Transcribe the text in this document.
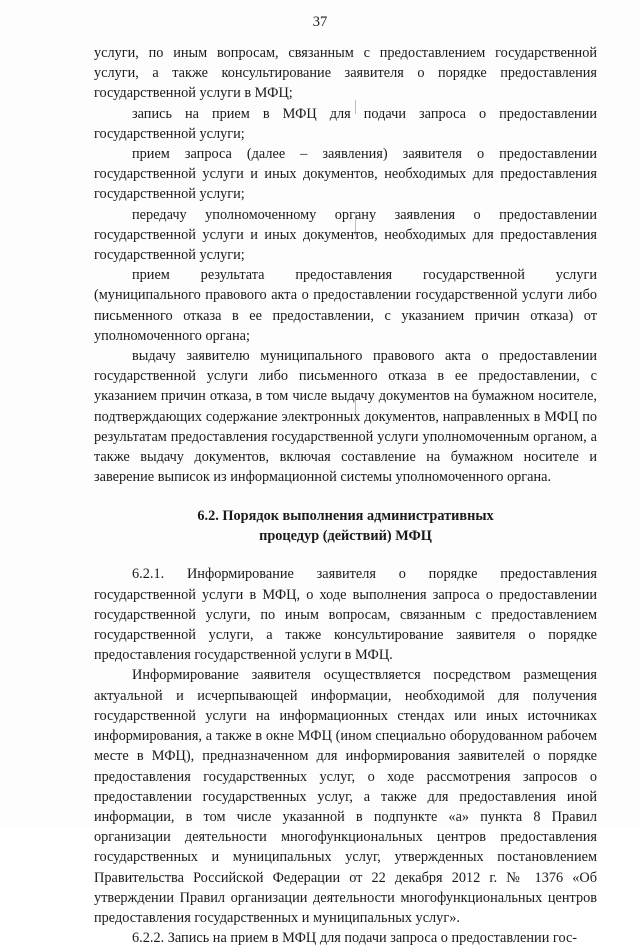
37

услуги, по иным вопросам, связанным с предоставлением государственной услуги, а также консультирование заявителя о порядке предоставления государственной услуги в МФЦ;

запись на прием в МФЦ для подачи запроса о предоставлении государственной услуги;

прием запроса (далее – заявления) заявителя о предоставлении государственной услуги и иных документов, необходимых для предоставления государственной услуги;

передачу уполномоченному органу заявления о предоставлении государственной услуги и иных документов, необходимых для предоставления государственной услуги;

прием результата предоставления государственной услуги (муниципального правового акта о предоставлении государственной услуги либо письменного отказа в ее предоставлении, с указанием причин отказа) от уполномоченного органа;

выдачу заявителю муниципального правового акта о предоставлении государственной услуги либо письменного отказа в ее предоставлении, с указанием причин отказа, в том числе выдачу документов на бумажном носителе, подтверждающих содержание электронных документов, направленных в МФЦ по результатам предоставления государственной услуги уполномоченным органом, а также выдачу документов, включая составление на бумажном носителе и заверение выписок из информационной системы уполномоченного органа.

6.2. Порядок выполнения административных
процедур (действий) МФЦ

6.2.1. Информирование заявителя о порядке предоставления государственной услуги в МФЦ, о ходе выполнения запроса о предоставлении государственной услуги, по иным вопросам, связанным с предоставлением государственной услуги, а также консультирование заявителя о порядке предоставления государственной услуги в МФЦ.

Информирование заявителя осуществляется посредством размещения актуальной и исчерпывающей информации, необходимой для получения государственной услуги на информационных стендах или иных источниках информирования, а также в окне МФЦ (ином специально оборудованном рабочем месте в МФЦ), предназначенном для информирования заявителей о порядке предоставления государственных услуг, о ходе рассмотрения запросов о предоставлении государственных услуг, а также для предоставления иной информации, в том числе указанной в подпункте «а» пункта 8 Правил организации деятельности многофункциональных центров предоставления государственных и муниципальных услуг, утвержденных постановлением Правительства Российской Федерации от 22 декабря 2012 г. № 1376 «Об утверждении Правил организации деятельности многофункциональных центров предоставления государственных и муниципальных услуг».

6.2.2. Запись на прием в МФЦ для подачи запроса о предоставлении гос-
